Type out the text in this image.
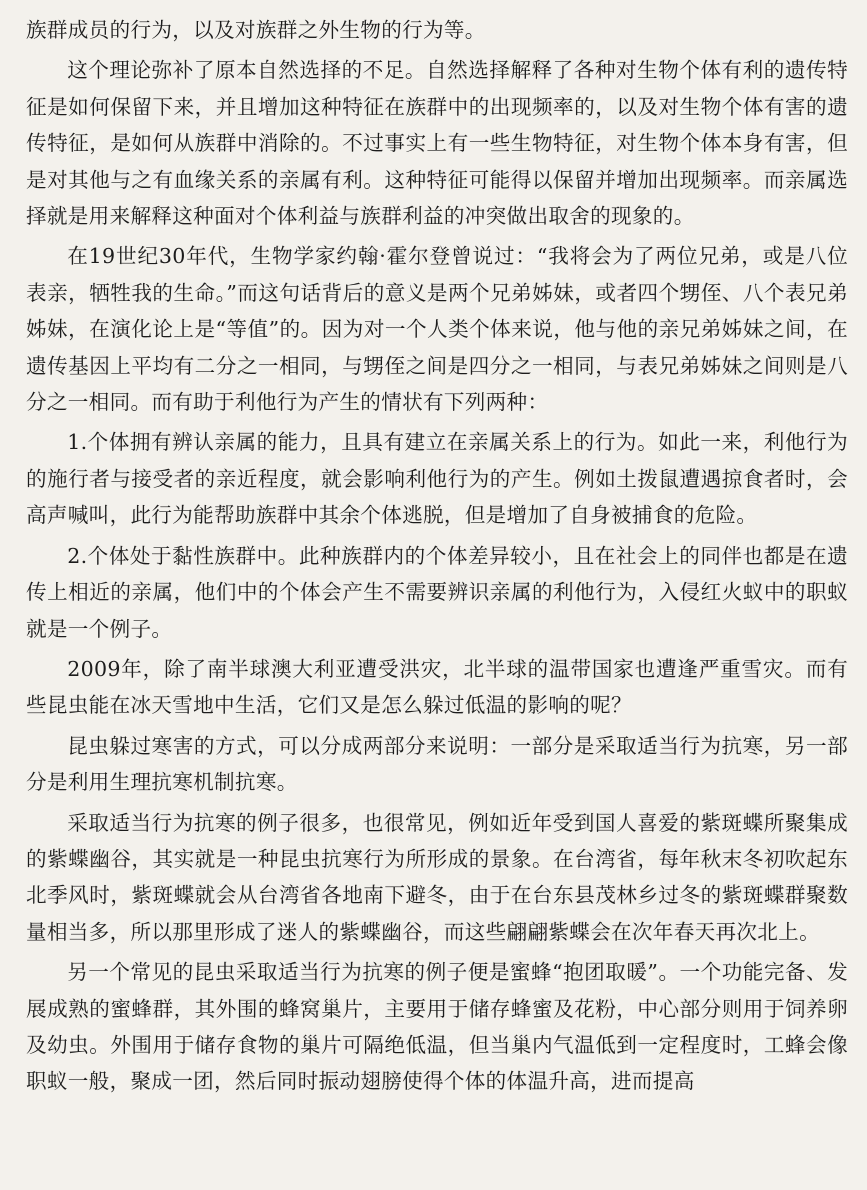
族群成员的行为，以及对族群之外生物的行为等。

这个理论弥补了原本自然选择的不足。自然选择解释了各种对生物个体有利的遗传特征是如何保留下来，并且增加这种特征在族群中的出现频率的，以及对生物个体有害的遗传特征，是如何从族群中消除的。不过事实上有一些生物特征，对生物个体本身有害，但是对其他与之有血缘关系的亲属有利。这种特征可能得以保留并增加出现频率。而亲属选择就是用来解释这种面对个体利益与族群利益的冲突做出取舍的现象的。

在19世纪30年代，生物学家约翰·霍尔登曾说过：“我将会为了两位兄弟，或是八位表亲，牺牲我的生命。”而这句话背后的意义是两个兄弟姊妹，或者四个甥侄、八个表兄弟姊妹，在演化论上是“等值”的。因为对一个人类个体来说，他与他的亲兄弟姊妹之间，在遗传基因上平均有二分之一相同，与甥侄之间是四分之一相同，与表兄弟姊妹之间则是八分之一相同。而有助于利他行为产生的情状有下列两种：

1.个体拥有辨认亲属的能力，且具有建立在亲属关系上的行为。如此一来，利他行为的施行者与接受者的亲近程度，就会影响利他行为的产生。例如土拨鼠遭遇掠食者时，会高声喊叫，此行为能帮助族群中其余个体逃脱，但是增加了自身被捕食的危险。

2.个体处于黏性族群中。此种族群内的个体差异较小，且在社会上的同伴也都是在遗传上相近的亲属，他们中的个体会产生不需要辨识亲属的利他行为，入侵红火蚁中的职蚁就是一个例子。

2009年，除了南半球澳大利亚遭受洪灾，北半球的温带国家也遭逢严重雪灾。而有些昆虫能在冰天雪地中生活，它们又是怎么躲过低温的影响的呢？

昆虫躲过寒害的方式，可以分成两部分来说明：一部分是采取适当行为抗寒，另一部分是利用生理抗寒机制抗寒。

采取适当行为抗寒的例子很多，也很常见，例如近年受到国人喜爱的紫斑蝶所聚集成的紫蝶幽谷，其实就是一种昆虫抗寒行为所形成的景象。在台湾省，每年秋末冬初吹起东北季风时，紫斑蝶就会从台湾省各地南下避冬，由于在台东县茂林乡过冬的紫斑蝶群聚数量相当多，所以那里形成了迷人的紫蝶幽谷，而这些翩翩紫蝶会在次年春天再次北上。

另一个常见的昆虫采取适当行为抗寒的例子便是蜜蜂“抱团取暖”。一个功能完备、发展成熟的蜜蜂群，其外围的蜂窝巢片，主要用于储存蜂蜜及花粉，中心部分则用于饲养卵及幼虫。外围用于储存食物的巢片可隔绝低温，但当巢内气温低到一定程度时，工蜂会像职蚁一般，聚成一团，然后同时振动翅膀使得个体的体温升高，进而提高
